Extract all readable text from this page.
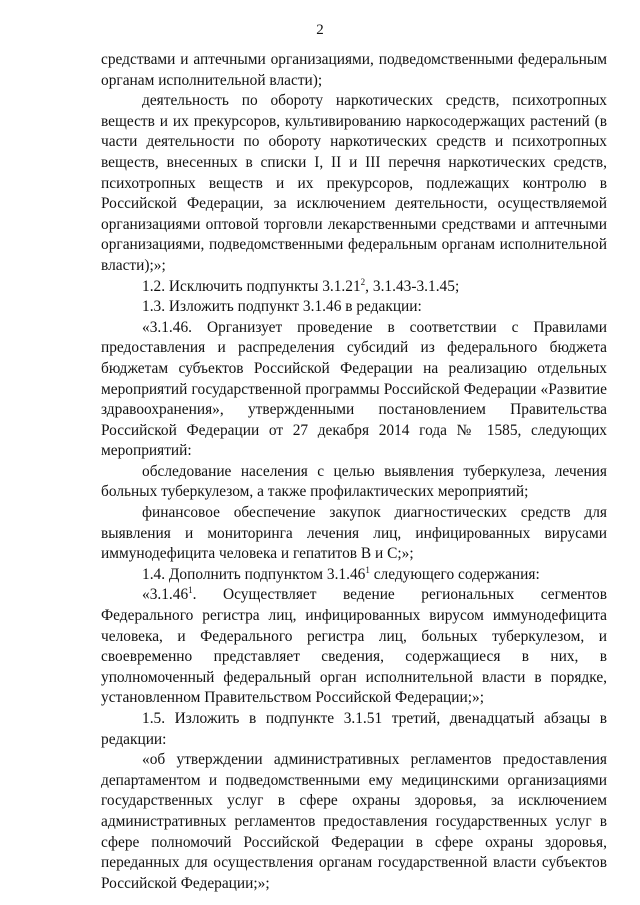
2

средствами и аптечными организациями, подведомственными федеральным органам исполнительной власти);

деятельность по обороту наркотических средств, психотропных веществ и их прекурсоров, культивированию наркосодержащих растений (в части деятельности по обороту наркотических средств и психотропных веществ, внесенных в списки I, II и III перечня наркотических средств, психотропных веществ и их прекурсоров, подлежащих контролю в Российской Федерации, за исключением деятельности, осуществляемой организациями оптовой торговли лекарственными средствами и аптечными организациями, подведомственными федеральным органам исполнительной власти);»;

1.2. Исключить подпункты 3.1.21$^2$, 3.1.43-3.1.45;

1.3. Изложить подпункт 3.1.46 в редакции:

«3.1.46. Организует проведение в соответствии с Правилами предоставления и распределения субсидий из федерального бюджета бюджетам субъектов Российской Федерации на реализацию отдельных мероприятий государственной программы Российской Федерации «Развитие здравоохранения», утвержденными постановлением Правительства Российской Федерации от 27 декабря 2014 года № 1585, следующих мероприятий:

обследование населения с целью выявления туберкулеза, лечения больных туберкулезом, а также профилактических мероприятий;

финансовое обеспечение закупок диагностических средств для выявления и мониторинга лечения лиц, инфицированных вирусами иммунодефицита человека и гепатитов B и C;»;

1.4. Дополнить подпунктом 3.1.46$^1$ следующего содержания:

«3.1.46$^1$. Осуществляет ведение региональных сегментов Федерального регистра лиц, инфицированных вирусом иммунодефицита человека, и Федерального регистра лиц, больных туберкулезом, и своевременно представляет сведения, содержащиеся в них, в уполномоченный федеральный орган исполнительной власти в порядке, установленном Правительством Российской Федерации;»;

1.5. Изложить в подпункте 3.1.51 третий, двенадцатый абзацы в редакции:

«об утверждении административных регламентов предоставления департаментом и подведомственными ему медицинскими организациями государственных услуг в сфере охраны здоровья, за исключением административных регламентов предоставления государственных услуг в сфере полномочий Российской Федерации в сфере охраны здоровья, переданных для осуществления органам государственной власти субъектов Российской Федерации;»;
